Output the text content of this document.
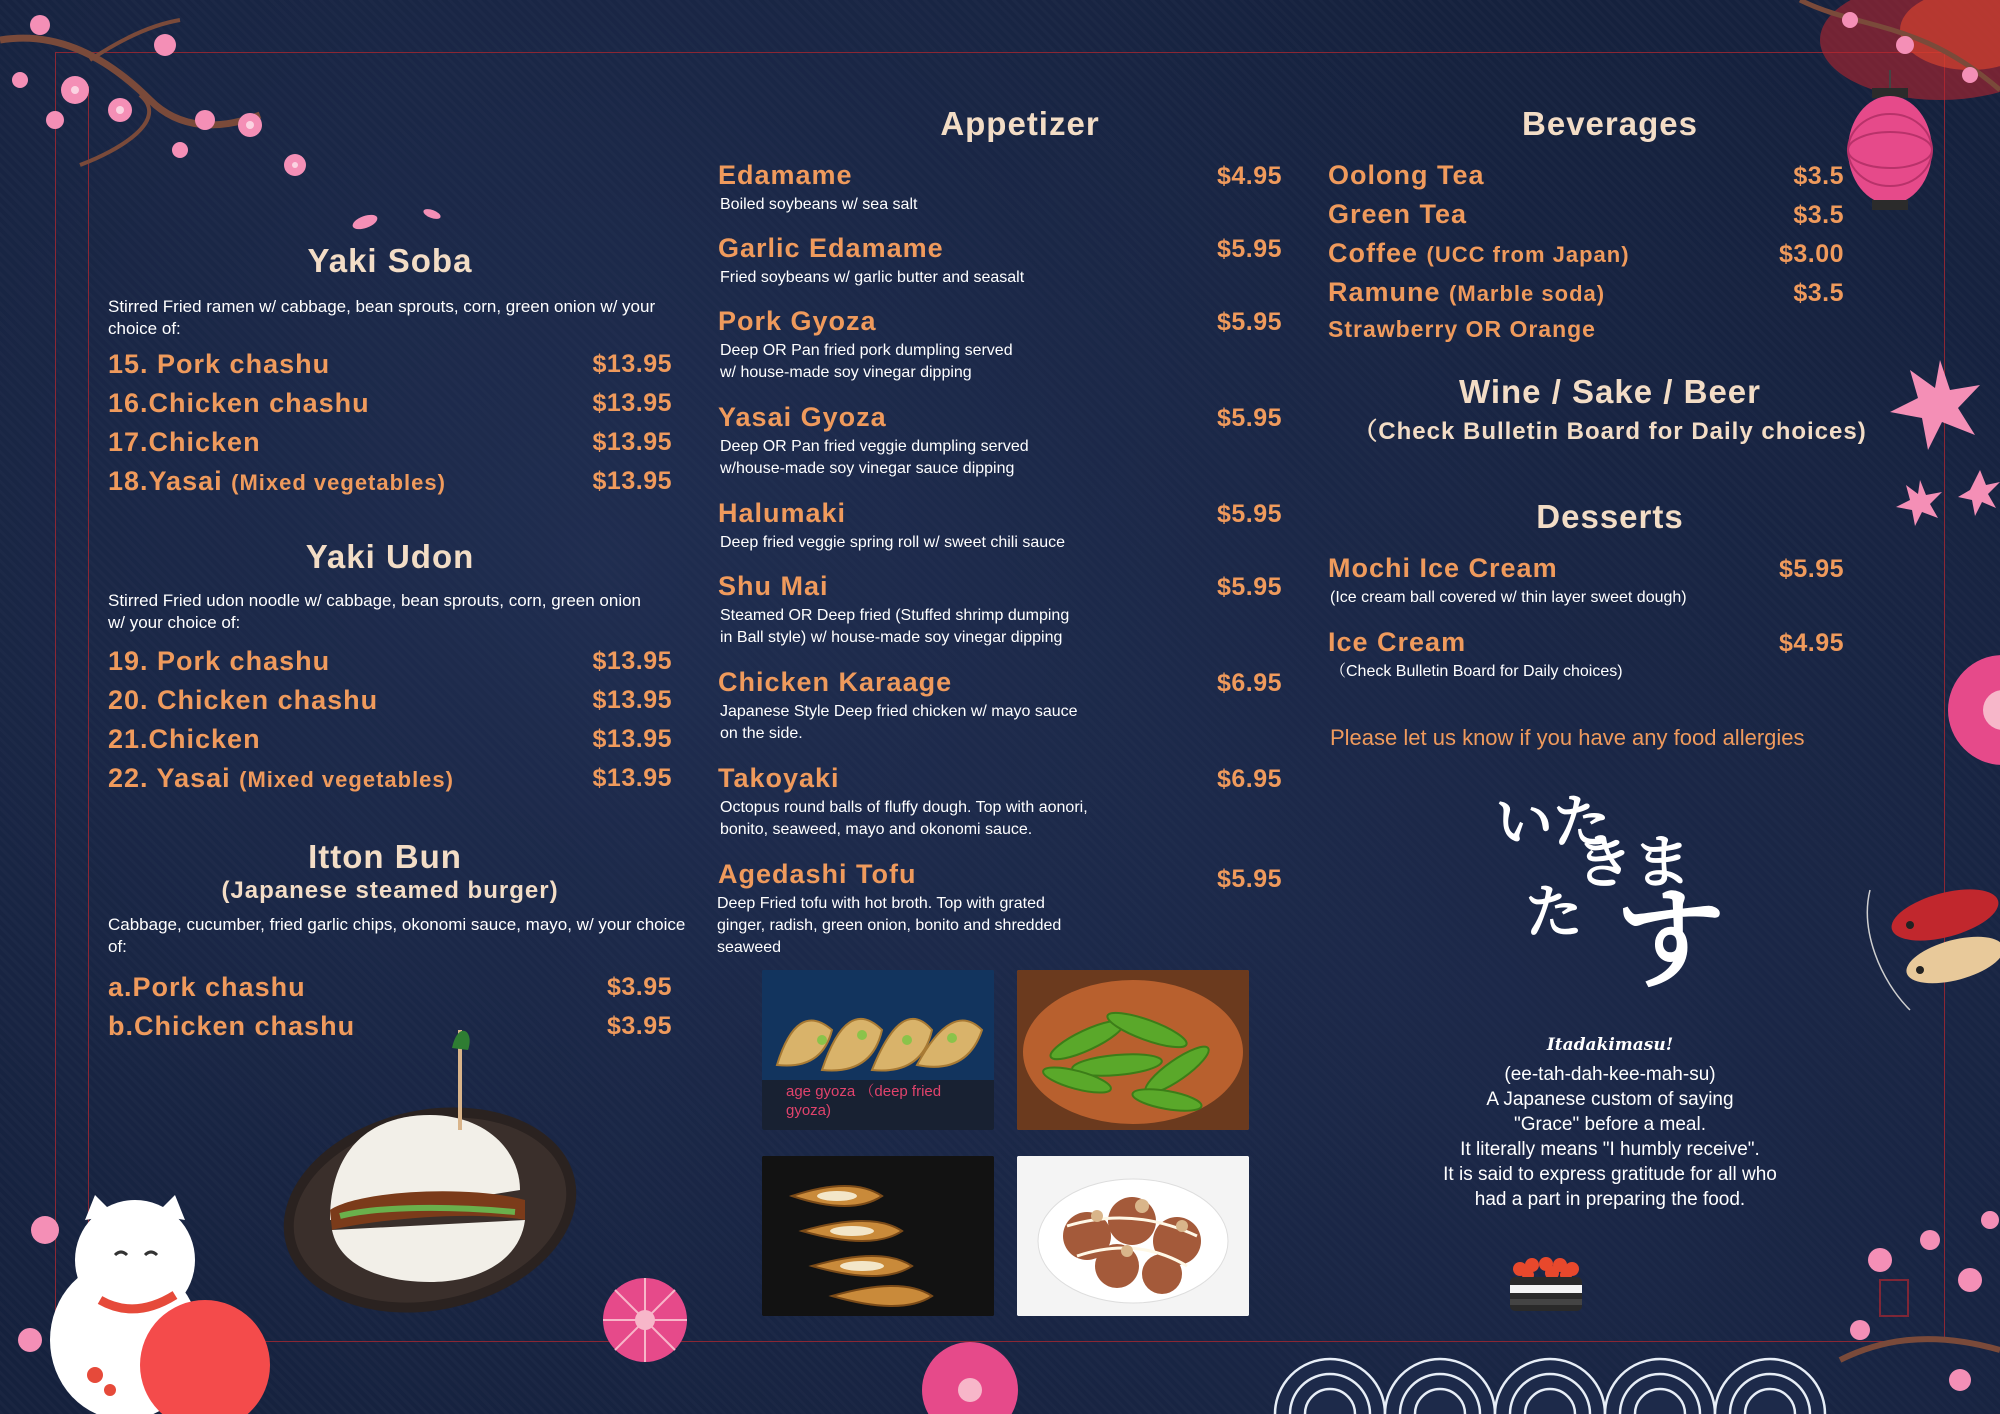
Yaki Soba
Stirred Fried ramen w/ cabbage, bean sprouts, corn, green onion w/ your choice of:
15. Pork chashu	$13.95
16.Chicken chashu	$13.95
17.Chicken	$13.95
18.Yasai (Mixed vegetables)	$13.95
Yaki Udon
Stirred Fried udon noodle w/ cabbage, bean sprouts, corn, green onion w/ your choice of:
19. Pork chashu	$13.95
20. Chicken chashu	$13.95
21.Chicken	$13.95
22. Yasai (Mixed vegetables)	$13.95
Itton Bun
(Japanese steamed burger)
Cabbage, cucumber, fried garlic chips, okonomi sauce, mayo, w/ your choice of:
a.Pork chashu	$3.95
b.Chicken chashu	$3.95
Appetizer
Edamame	$4.95
Boiled soybeans w/ sea salt
Garlic Edamame	$5.95
Fried soybeans w/ garlic butter and seasalt
Pork Gyoza	$5.95
Deep OR Pan fried pork dumpling served
w/ house-made soy vinegar dipping
Yasai Gyoza	$5.95
Deep OR Pan fried veggie dumpling served
w/house-made soy vinegar sauce dipping
Halumaki	$5.95
Deep fried veggie spring roll w/ sweet chili sauce
Shu Mai	$5.95
Steamed OR Deep fried (Stuffed shrimp dumping
in Ball style) w/ house-made soy vinegar dipping
Chicken Karaage	$6.95
Japanese Style Deep fried chicken w/ mayo sauce
on the side.
Takoyaki	$6.95
Octopus round balls of fluffy dough. Top with aonori,
bonito, seaweed, mayo and okonomi sauce.
Agedashi Tofu	$5.95
Deep Fried tofu with hot broth. Top with grated
ginger, radish, green onion, bonito and shredded
seaweed
age gyoza （deep fried gyoza)
Beverages
Oolong Tea	$3.5
Green Tea	$3.5
Coffee (UCC from Japan)	$3.00
Ramune (Marble soda)	$3.5
Strawberry OR Orange
Wine / Sake / Beer
（Check Bulletin Board for Daily choices)
Desserts
Mochi Ice Cream	$5.95
(Ice cream ball covered w/ thin layer sweet dough)
Ice Cream	$4.95
（Check Bulletin Board for Daily choices)
Please let us know if you have any food allergies
いた
きま
た す
Itadakimasu!
(ee-tah-dah-kee-mah-su)
A Japanese custom of saying
"Grace" before a meal.
It literally means "I humbly receive".
It is said to express gratitude for all who
had a part in preparing the food.
